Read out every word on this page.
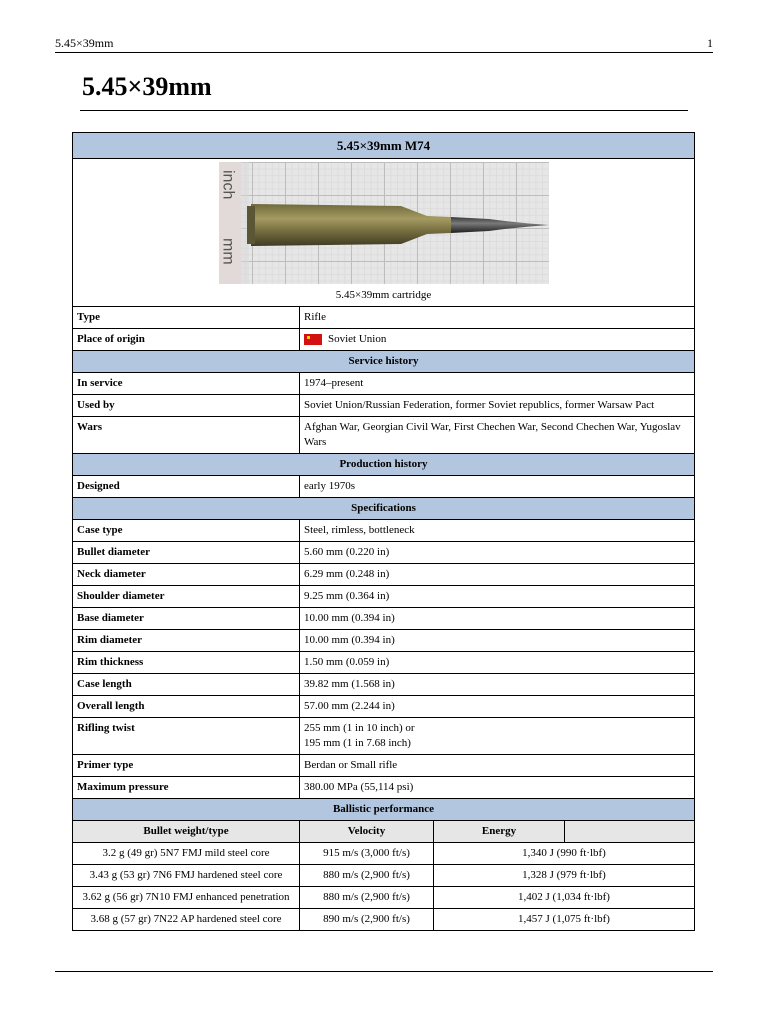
5.45×39mm	1
5.45×39mm
5.45×39mm M74			

inch
mm
5.45×39mm cartridge			

Type	Rifle		
Place of origin	Soviet Union		
Service history			
In service	1974–present		
Used by	Soviet Union/Russian Federation, former Soviet republics, former Warsaw Pact		
Wars	Afghan War, Georgian Civil War, First Chechen War, Second Chechen War, Yugoslav Wars		
Production history			
Designed	early 1970s		
Specifications			
Case type	Steel, rimless, bottleneck		
Bullet diameter	5.60 mm (0.220 in)		
Neck diameter	6.29 mm (0.248 in)		
Shoulder diameter	9.25 mm (0.364 in)		
Base diameter	10.00 mm (0.394 in)		
Rim diameter	10.00 mm (0.394 in)		
Rim thickness	1.50 mm (0.059 in)		
Case length	39.82 mm (1.568 in)		
Overall length	57.00 mm (2.244 in)		
Rifling twist	255 mm (1 in 10 inch) or
195 mm (1 in 7.68 inch)		

Primer type	Berdan or Small rifle		
Maximum pressure	380.00 MPa (55,114 psi)		
Ballistic performance			
Bullet weight/type	Velocity	Energy	
3.2 g (49 gr) 5N7 FMJ mild steel core	915 m/s (3,000 ft/s)	1,340 J (990 ft·lbf)	
3.43 g (53 gr) 7N6 FMJ hardened steel core	880 m/s (2,900 ft/s)	1,328 J (979 ft·lbf)	
3.62 g (56 gr) 7N10 FMJ enhanced penetration	880 m/s (2,900 ft/s)	1,402 J (1,034 ft·lbf)	
3.68 g (57 gr) 7N22 AP hardened steel core	890 m/s (2,900 ft/s)	1,457 J (1,075 ft·lbf)	
